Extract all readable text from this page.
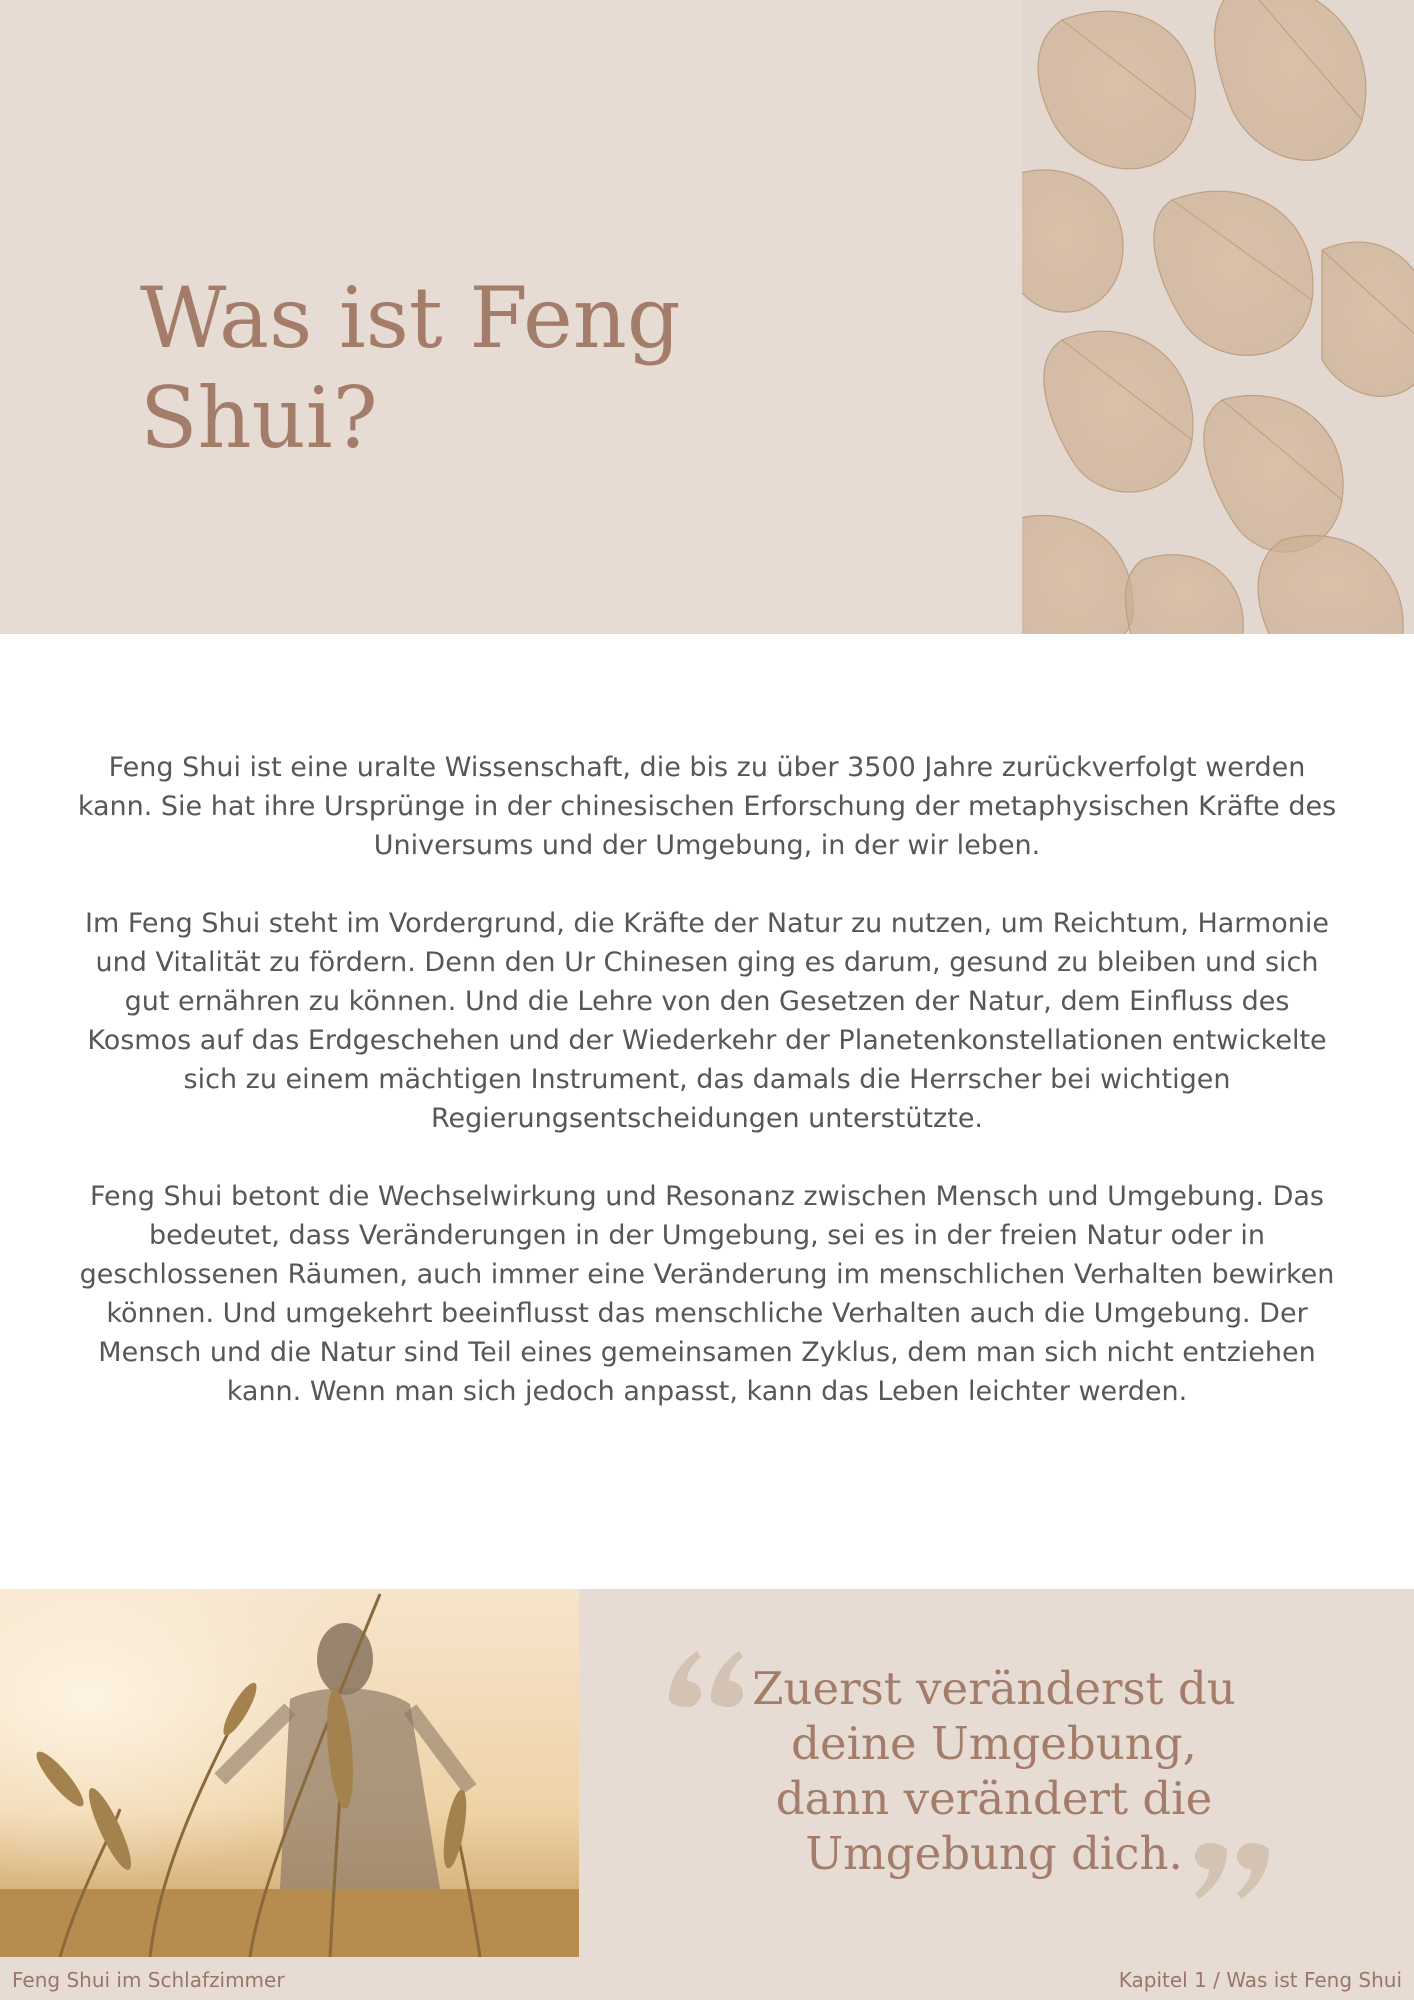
Was ist Feng Shui?

Feng Shui ist eine uralte Wissenschaft, die bis zu über 3500 Jahre zurückverfolgt werden kann. Sie hat ihre Ursprünge in der chinesischen Erforschung der metaphysischen Kräfte des Universums und der Umgebung, in der wir leben.

Im Feng Shui steht im Vordergrund, die Kräfte der Natur zu nutzen, um Reichtum, Harmonie und Vitalität zu fördern. Denn den Ur Chinesen ging es darum, gesund zu bleiben und sich gut ernähren zu können. Und die Lehre von den Gesetzen der Natur, dem Einfluss des Kosmos auf das Erdgeschehen und der Wiederkehr der Planetenkonstellationen entwickelte sich zu einem mächtigen Instrument, das damals die Herrscher bei wichtigen Regierungsentscheidungen unterstützte.

Feng Shui betont die Wechselwirkung und Resonanz zwischen Mensch und Umgebung. Das bedeutet, dass Veränderungen in der Umgebung, sei es in der freien Natur oder in geschlossenen Räumen, auch immer eine Veränderung im menschlichen Verhalten bewirken können. Und umgekehrt beeinflusst das menschliche Verhalten auch die Umgebung. Der Mensch und die Natur sind Teil eines gemeinsamen Zyklus, dem man sich nicht entziehen kann. Wenn man sich jedoch anpasst, kann das Leben leichter werden.

Zuerst veränderst du deine Umgebung, dann verändert die Umgebung dich.

Feng Shui im Schlafzimmer	Kapitel 1 / Was ist Feng Shui
